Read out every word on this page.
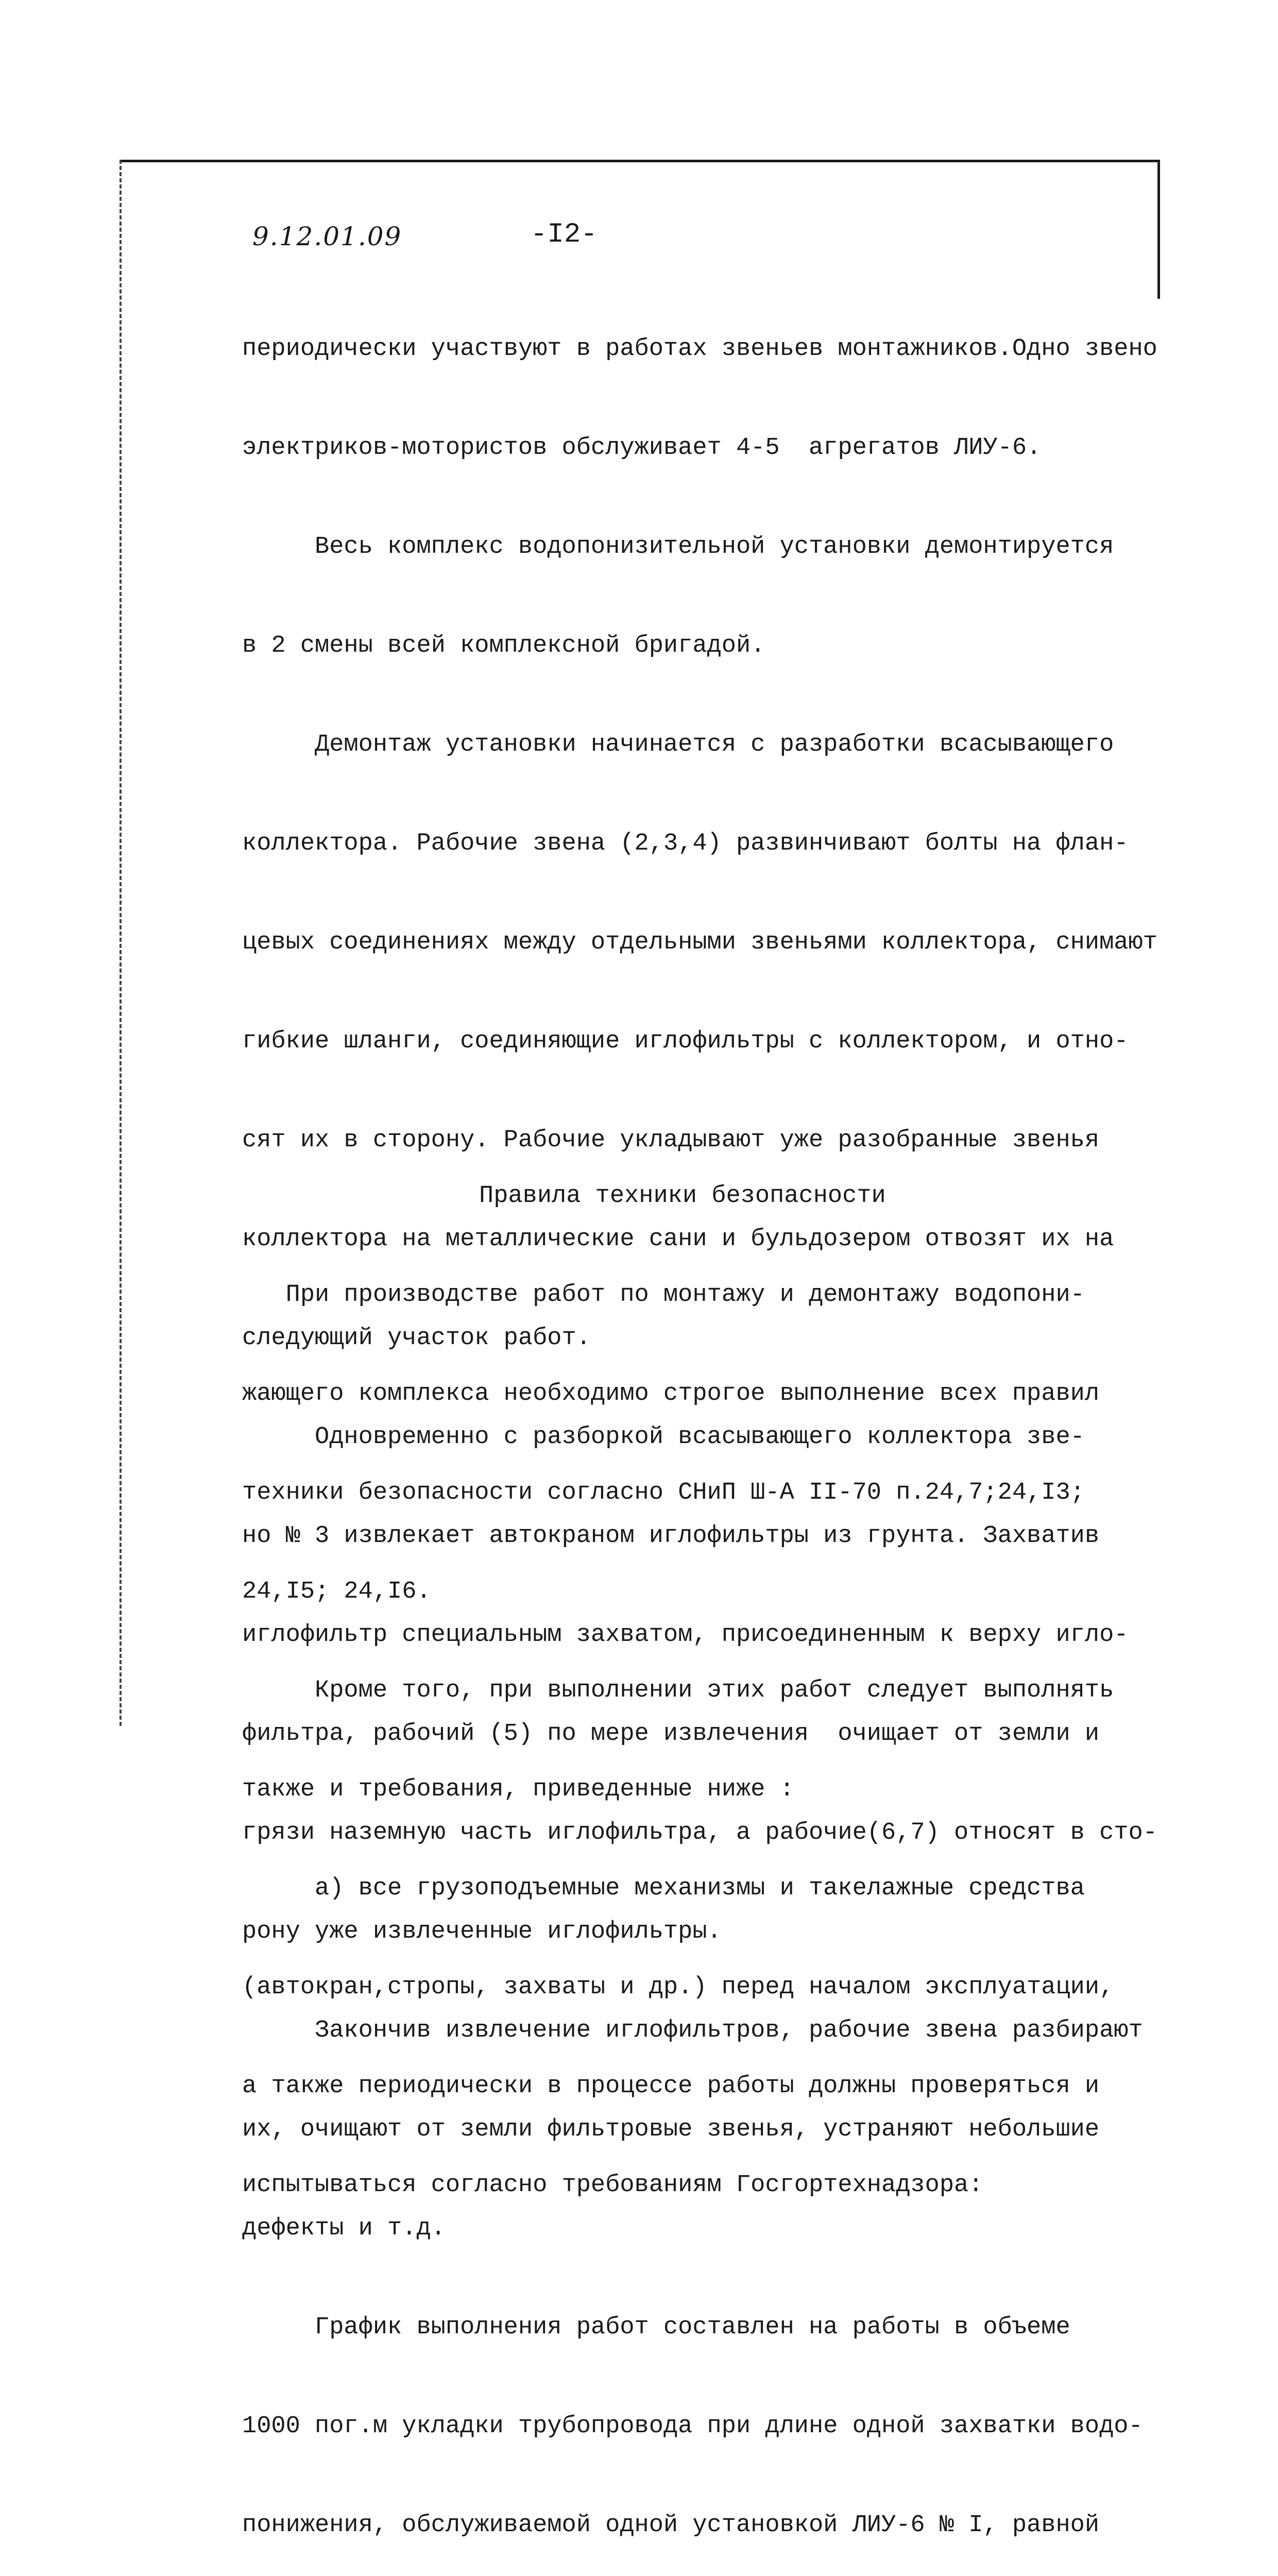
9.12.01.09	-I2-

периодически участвуют в работах звеньев монтажников.Одно звено

электриков-мотористов обслуживает 4-5  агрегатов ЛИУ-6.

Весь комплекс водопонизительной установки демонтируется

в 2 смены всей комплексной бригадой.

Демонтаж установки начинается с разработки всасывающего

коллектора. Рабочие звена (2,3,4) развинчивают болты на флан-

цевых соединениях между отдельными звеньями коллектора, снимают

гибкие шланги, соединяющие иглофильтры с коллектором, и отно-

сят их в сторону. Рабочие укладывают уже разобранные звенья

коллектора на металлические сани и бульдозером отвозят их на

следующий участок работ.

Одновременно с разборкой всасывающего коллектора зве-

но № 3 извлекает автокраном иглофильтры из грунта. Захватив

иглофильтр специальным захватом, присоединенным к верху игло-

фильтра, рабочий (5) по мере извлечения  очищает от земли и

грязи наземную часть иглофильтра, а рабочие(6,7) относят в сто-

рону уже извлеченные иглофильтры.

Закончив извлечение иглофильтров, рабочие звена разбирают

их, очищают от земли фильтровые звенья, устраняют небольшие

дефекты и т.д.

График выполнения работ составлен на работы в объеме

1000 пог.м укладки трубопровода при длине одной захватки водо-

понижения, обслуживаемой одной установкой ЛИУ-6 № I, равной

Правила техники безопасности

При производстве работ по монтажу и демонтажу водопони-

жающего комплекса необходимо строгое выполнение всех правил

техники безопасности согласно СНиП Ш-А II-70 п.24,7;24,I3;

24,I5; 24,I6.

Кроме того, при выполнении этих работ следует выполнять

также и требования, приведенные ниже :

а) все грузоподъемные механизмы и такелажные средства

(автокран,стропы, захваты и др.) перед началом эксплуатации,

а также периодически в процессе работы должны проверяться и

испытываться согласно требованиям Госгортехнадзора:
